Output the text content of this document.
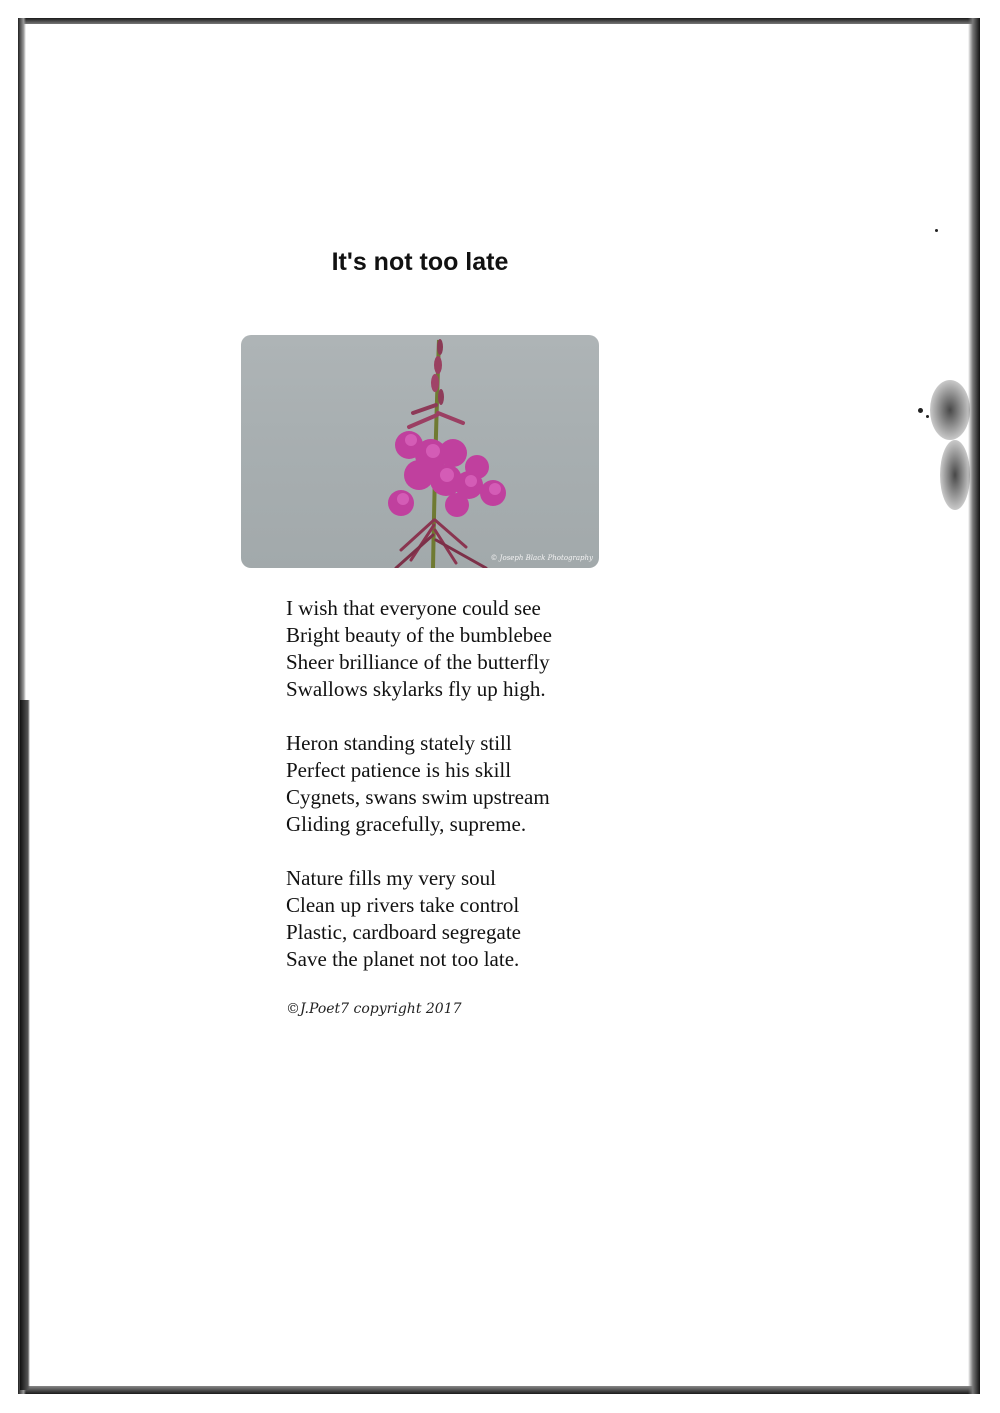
It's not too late
© Joseph Black Photography
I wish that everyone could see
Bright beauty of the bumblebee
Sheer brilliance of the butterfly
Swallows skylarks fly up high.
Heron standing stately still
Perfect patience is his skill
Cygnets, swans swim upstream
Gliding gracefully, supreme.
Nature fills my very soul
Clean up rivers take control
Plastic, cardboard segregate
Save the planet not too late.
©J.Poet7 copyright 2017
